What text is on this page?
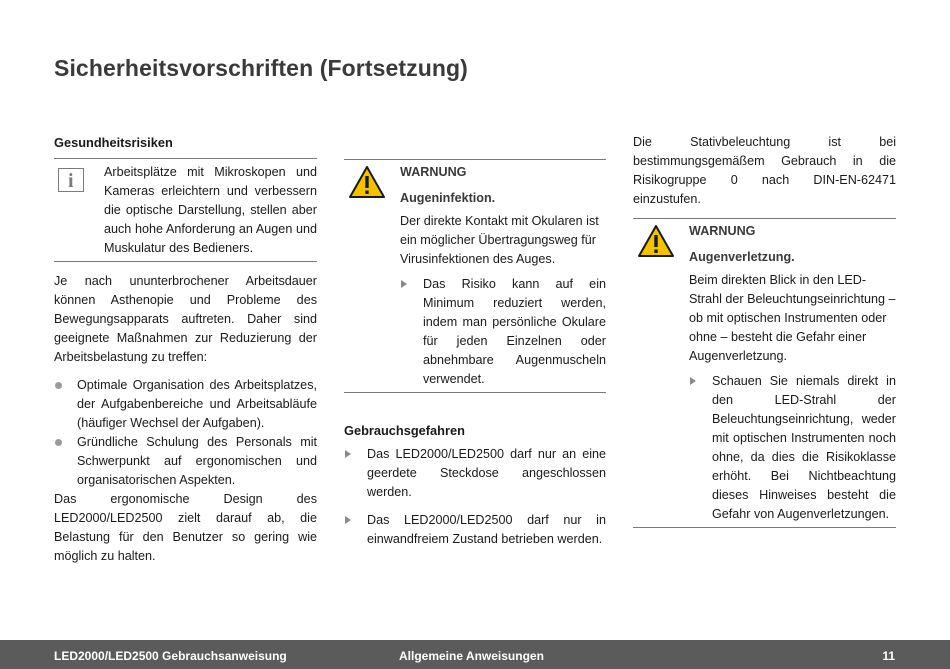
Sicherheitsvorschriften (Fortsetzung)
Gesundheitsrisiken
i Arbeitsplätze mit Mikroskopen und Kameras erleichtern und verbessern die optische Darstellung, stellen aber auch hohe Anforderung an Augen und Muskulatur des Bedieners.

Je nach ununterbrochener Arbeitsdauer können Asthenopie und Probleme des Bewegungsapparats auftreten. Daher sind geeignete Maßnahmen zur Reduzierung der Arbeitsbelastung zu treffen:

Optimale Organisation des Arbeitsplatzes, der Aufgabenbereiche und Arbeitsabläufe (häufiger Wechsel der Aufgaben).
Gründliche Schulung des Personals mit Schwerpunkt auf ergonomischen und organisatorischen Aspekten.

Das ergonomische Design des LED2000/LED2500 zielt darauf ab, die Belastung für den Benutzer so gering wie möglich zu halten.

WARNUNG
Augeninfektion.

Der direkte Kontakt mit Okularen ist ein möglicher Übertragungsweg für Virusinfektionen des Auges.

Das Risiko kann auf ein Minimum reduziert werden, indem man persönliche Okulare für jeden Einzelnen oder abnehmbare Augenmuscheln verwendet.
Gebrauchsgefahren
Das LED2000/LED2500 darf nur an eine geerdete Steckdose angeschlossen werden.
Das LED2000/LED2500 darf nur in einwandfreiem Zustand betrieben werden.

Die Stativbeleuchtung ist bei bestimmungsgemäßem Gebrauch in die Risikogruppe 0 nach DIN-EN-62471 einzustufen.

WARNUNG
Augenverletzung.

Beim direkten Blick in den LED-Strahl der Beleuchtungseinrichtung – ob mit optischen Instrumenten oder ohne – besteht die Gefahr einer Augenverletzung.

Schauen Sie niemals direkt in den LED-Strahl der Beleuchtungseinrichtung, weder mit optischen Instrumenten noch ohne, da dies die Risikoklasse erhöht. Bei Nichtbeachtung dieses Hinweises besteht die Gefahr von Augenverletzungen.
LED2000/LED2500 Gebrauchsanweisung	Allgemeine Anweisungen	11
